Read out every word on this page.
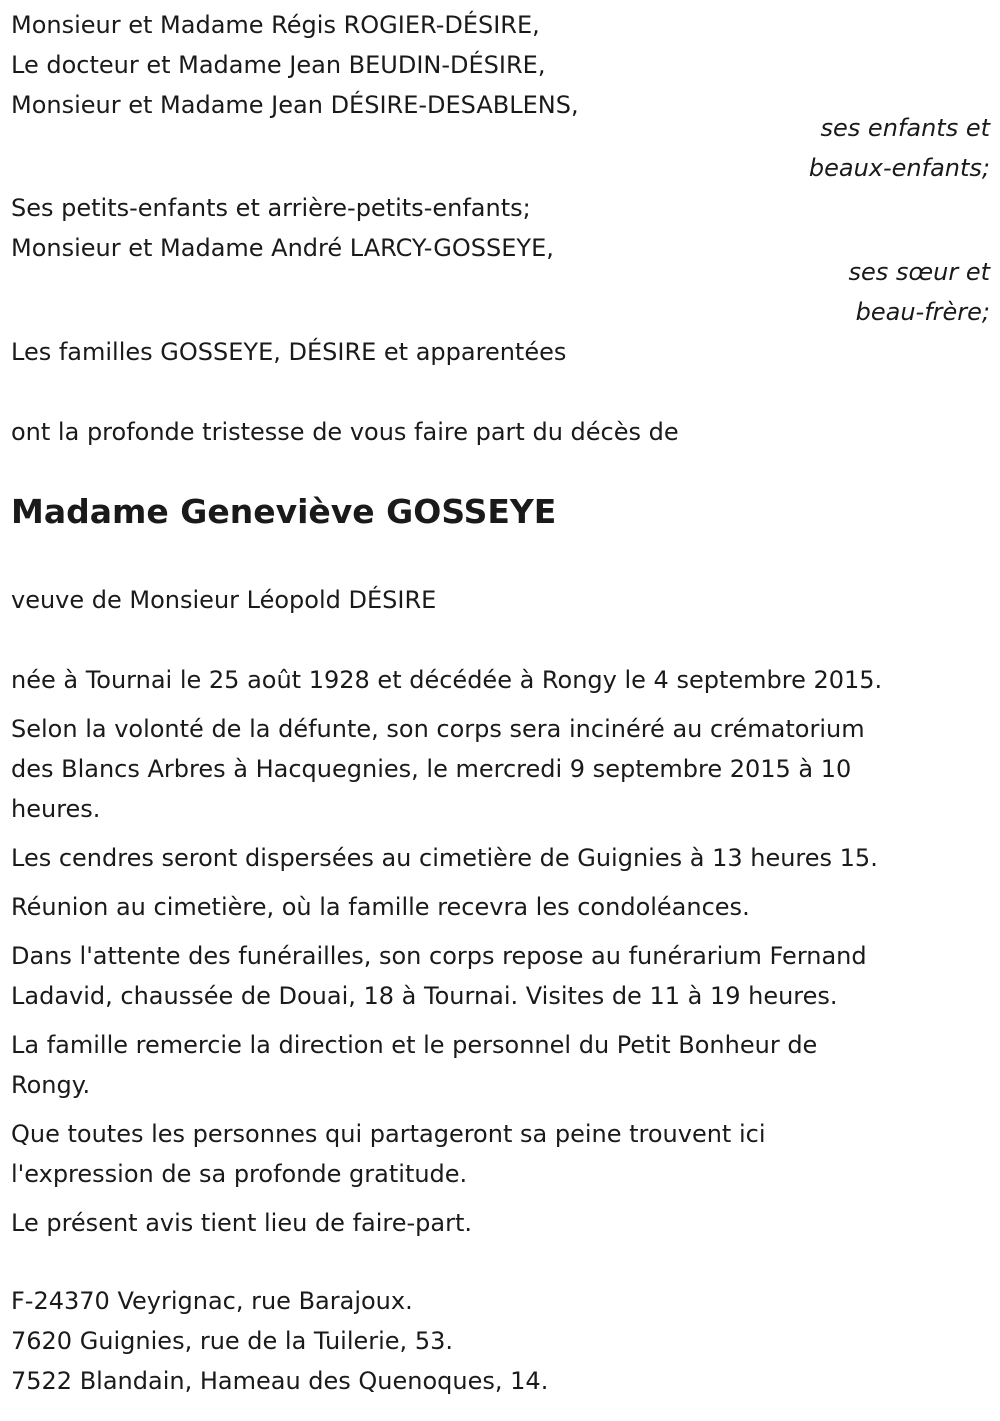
Monsieur et Madame Régis ROGIER-DÉSIRE,
Le docteur et Madame Jean BEUDIN-DÉSIRE,
Monsieur et Madame Jean DÉSIRE-DESABLENS,
ses enfants et
beaux-enfants;
Ses petits-enfants et arrière-petits-enfants;
Monsieur et Madame André LARCY-GOSSEYE,
ses sœur et
beau-frère;
Les familles GOSSEYE, DÉSIRE et apparentées
ont la profonde tristesse de vous faire part du décès de
Madame Geneviève GOSSEYE
veuve de Monsieur Léopold DÉSIRE
née à Tournai le 25 août 1928 et décédée à Rongy le 4 septembre 2015.
Selon la volonté de la défunte, son corps sera incinéré au crématorium
des Blancs Arbres à Hacquegnies, le mercredi 9 septembre 2015 à 10
heures.
Les cendres seront dispersées au cimetière de Guignies à 13 heures 15.
Réunion au cimetière, où la famille recevra les condoléances.
Dans l'attente des funérailles, son corps repose au funérarium Fernand
Ladavid, chaussée de Douai, 18 à Tournai. Visites de 11 à 19 heures.
La famille remercie la direction et le personnel du Petit Bonheur de
Rongy.
Que toutes les personnes qui partageront sa peine trouvent ici
l'expression de sa profonde gratitude.
Le présent avis tient lieu de faire-part.
F-24370 Veyrignac, rue Barajoux.
7620 Guignies, rue de la Tuilerie, 53.
7522 Blandain, Hameau des Quenoques, 14.
